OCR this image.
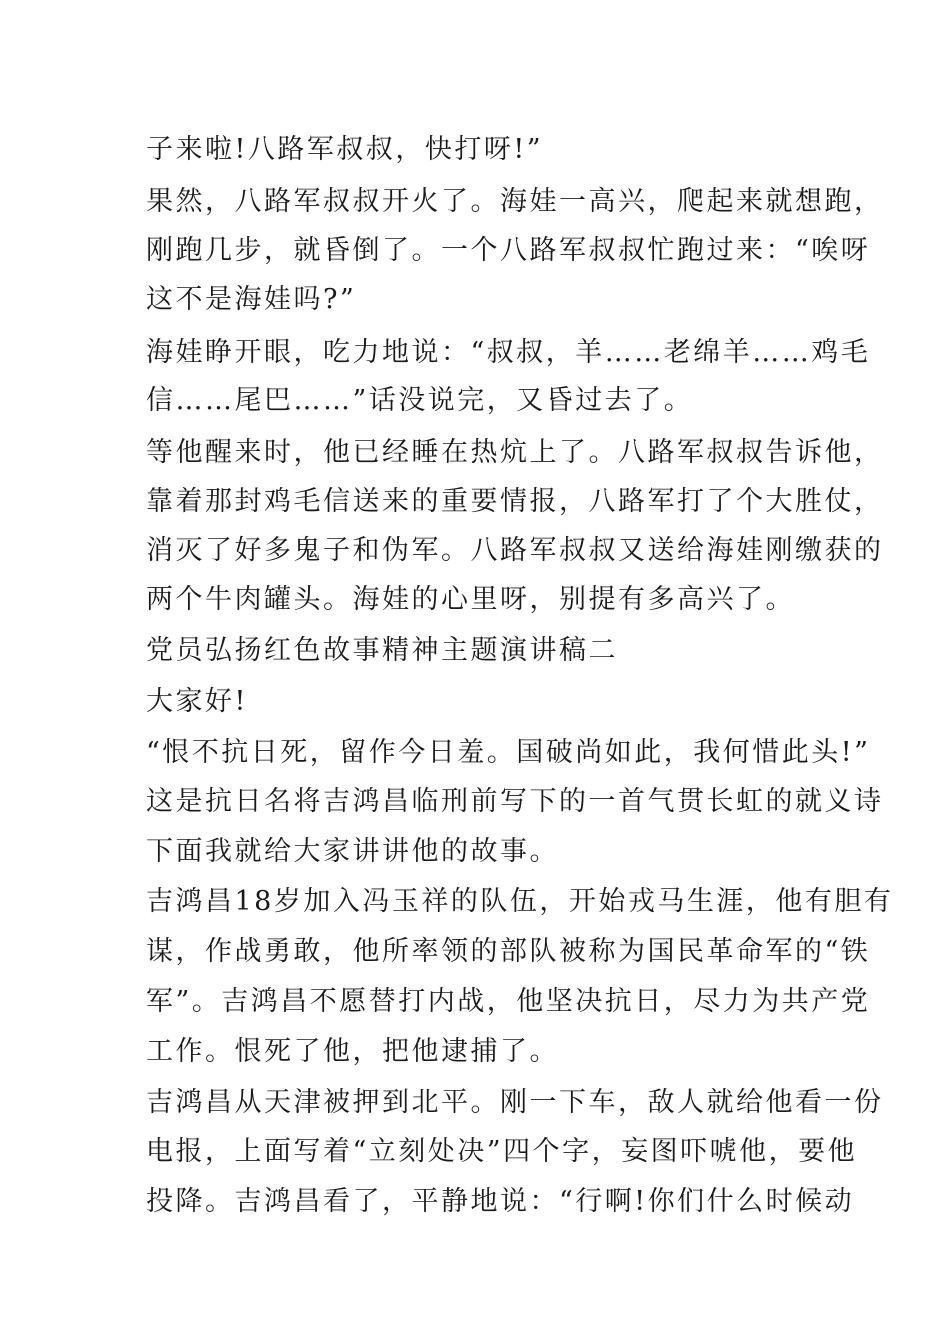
子来啦!八路军叔叔，快打呀!”
果然，八路军叔叔开火了。海娃一高兴，爬起来就想跑，
刚跑几步，就昏倒了。一个八路军叔叔忙跑过来：“唉呀
这不是海娃吗?”
海娃睁开眼，吃力地说：“叔叔，羊……老绵羊……鸡毛
信……尾巴……”话没说完，又昏过去了。
等他醒来时，他已经睡在热炕上了。八路军叔叔告诉他，
靠着那封鸡毛信送来的重要情报，八路军打了个大胜仗，
消灭了好多鬼子和伪军。八路军叔叔又送给海娃刚缴获的
两个牛肉罐头。海娃的心里呀，别提有多高兴了。
党员弘扬红色故事精神主题演讲稿二
大家好!
“恨不抗日死，留作今日羞。国破尚如此，我何惜此头!”
这是抗日名将吉鸿昌临刑前写下的一首气贯长虹的就义诗
下面我就给大家讲讲他的故事。
吉鸿昌18岁加入冯玉祥的队伍，开始戎马生涯，他有胆有
谋，作战勇敢，他所率领的部队被称为国民革命军的“铁
军”。吉鸿昌不愿替打内战，他坚决抗日，尽力为共产党
工作。恨死了他，把他逮捕了。
吉鸿昌从天津被押到北平。刚一下车，敌人就给他看一份
电报，上面写着“立刻处决”四个字，妄图吓唬他，要他
投降。吉鸿昌看了，平静地说：“行啊!你们什么时候动
